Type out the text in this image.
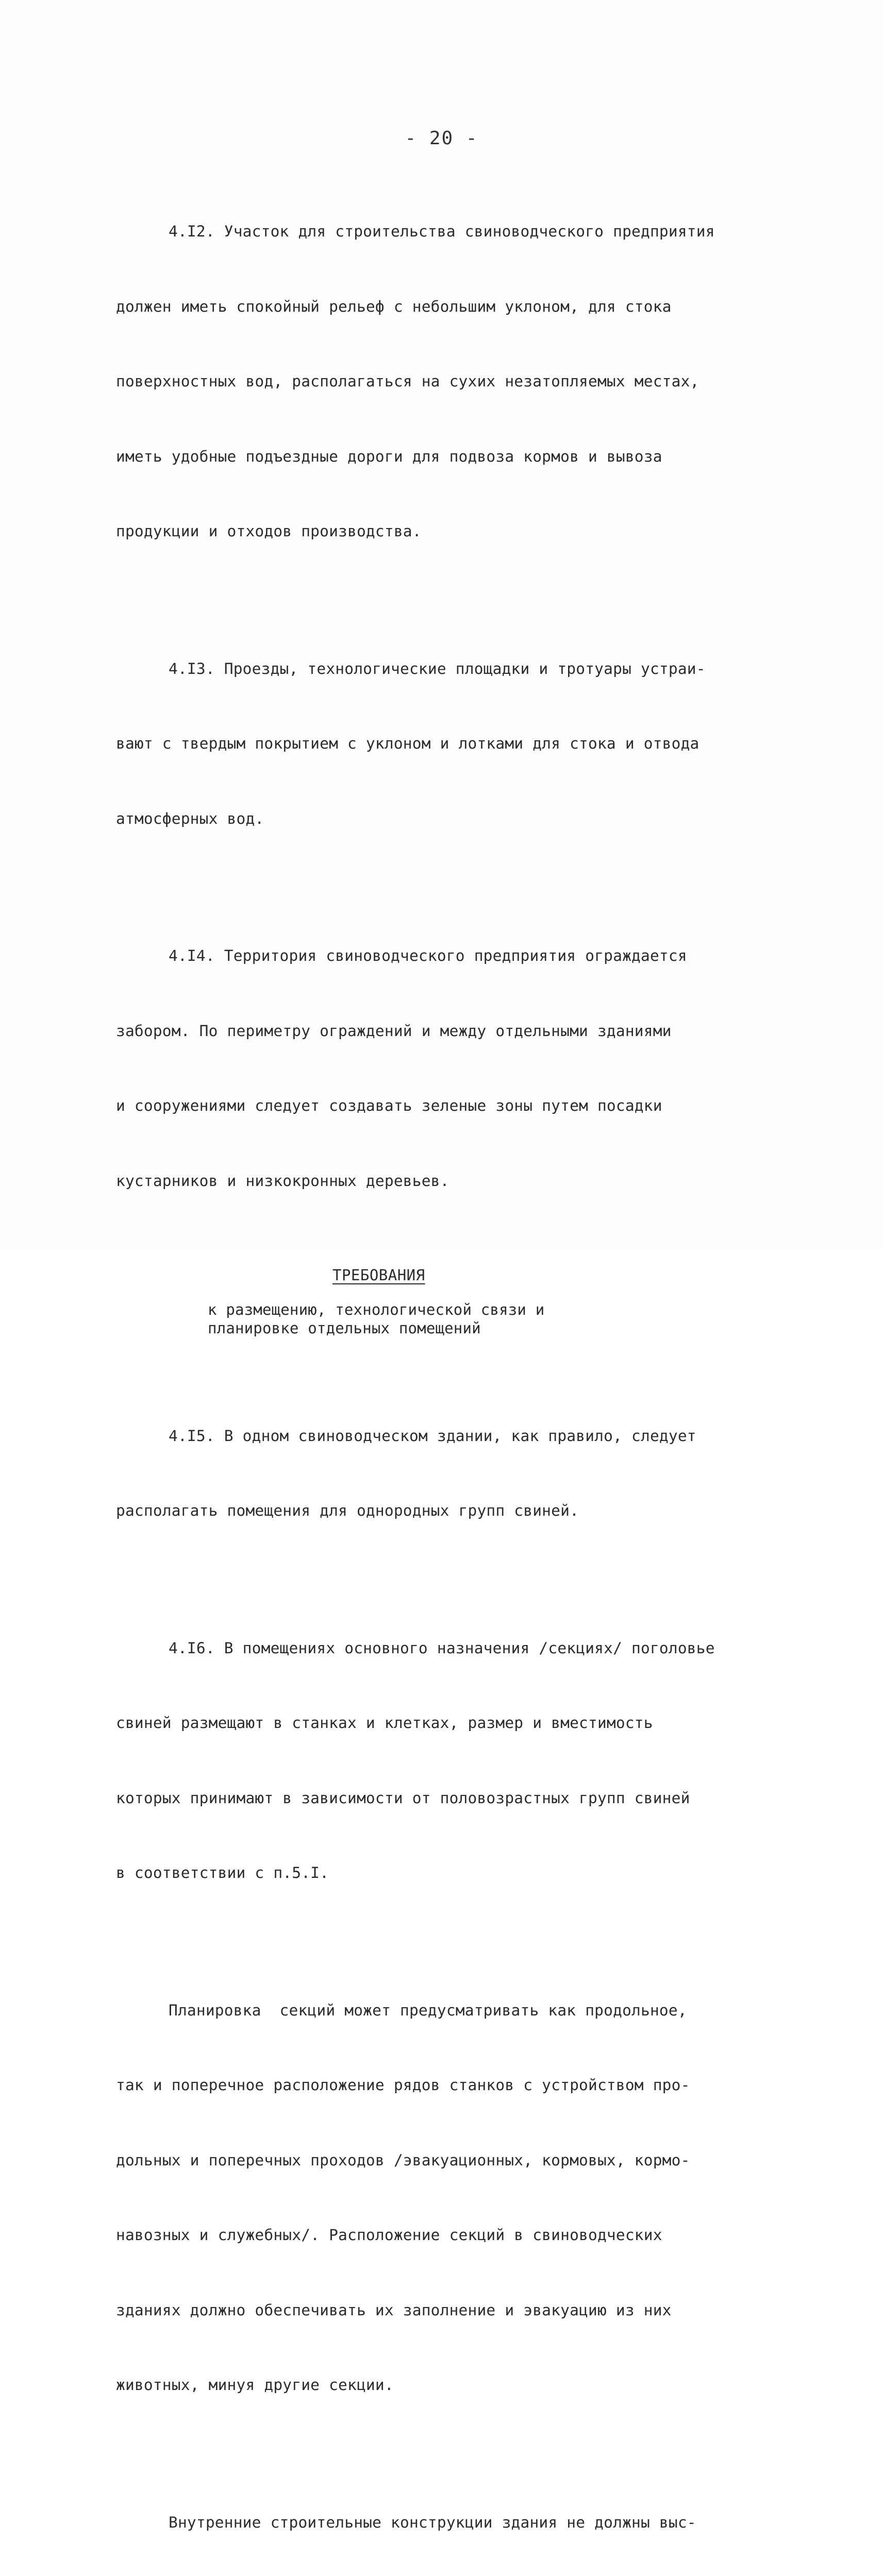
- 20 -

4.I2. Участок для строительства свиноводческого предприятия

должен иметь спокойный рельеф с небольшим уклоном, для стока

поверхностных вод, располагаться на сухих незатопляемых местах,

иметь удобные подъездные дороги для подвоза кормов и вывоза

продукции и отходов производства.

4.I3. Проезды, технологические площадки и тротуары устраи-

вают с твердым покрытием с уклоном и лотками для стока и отвода

атмосферных вод.

4.I4. Территория свиноводческого предприятия ограждается

забором. По периметру ограждений и между отдельными зданиями

и сооружениями следует создавать зеленые зоны путем посадки

кустарников и низкокронных деревьев.

ТРЕБОВАНИЯ
к размещению, технологической связи и
планировке отдельных помещений

4.I5. В одном свиноводческом здании, как правило, следует

располагать помещения для однородных групп свиней.

4.I6. В помещениях основного назначения /секциях/ поголовье

свиней размещают в станках и клетках, размер и вместимость

которых принимают в зависимости от половозрастных групп свиней

в соответствии с п.5.I.

Планировка  секций может предусматривать как продольное,

так и поперечное расположение рядов станков с устройством про-

дольных и поперечных проходов /эвакуационных, кормовых, кормо-

навозных и служебных/. Расположение секций в свиноводческих

зданиях должно обеспечивать их заполнение и эвакуацию из них

животных, минуя другие секции.

Внутренние строительные конструкции здания не должны выс-
